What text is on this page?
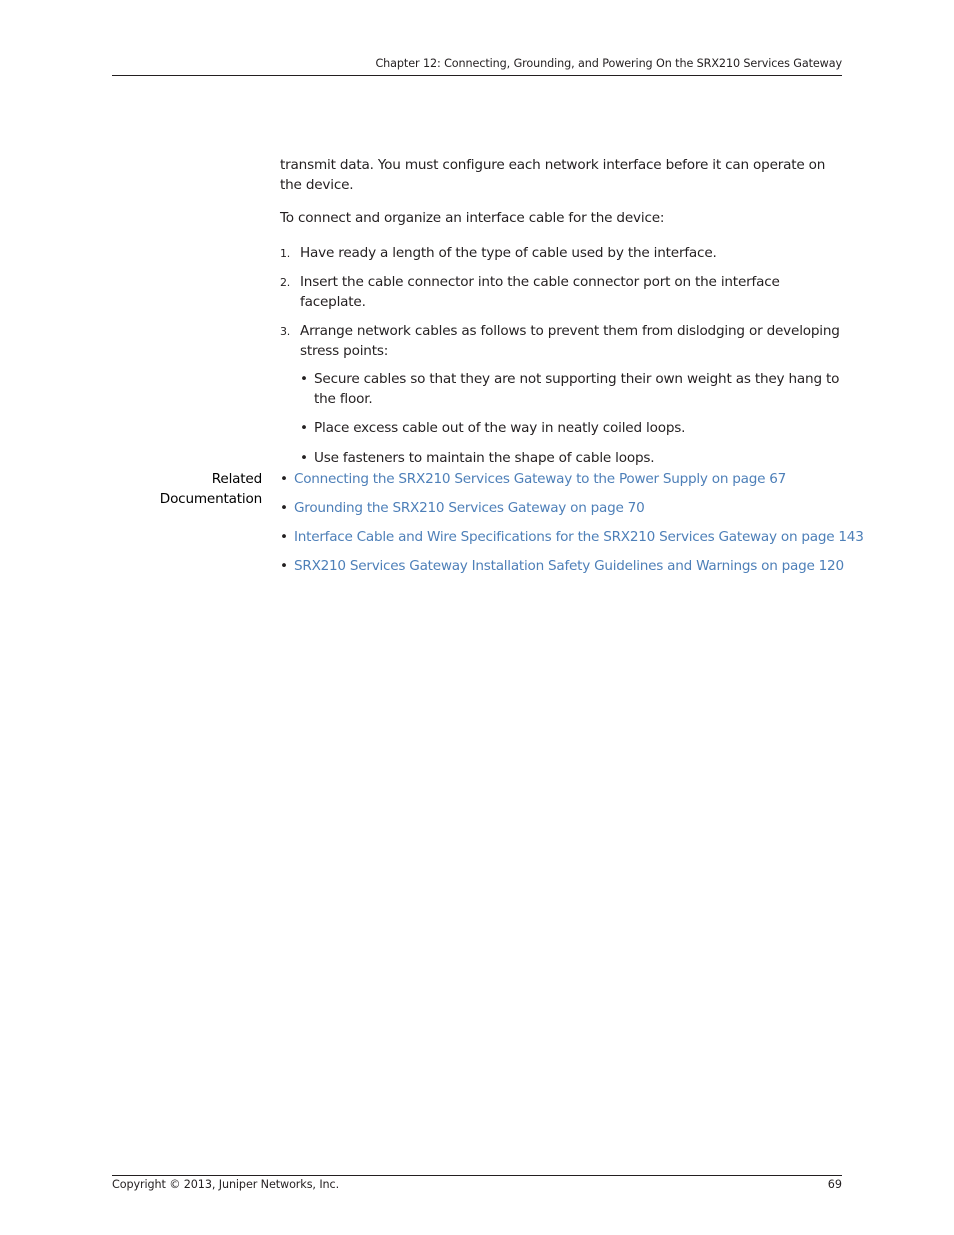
Chapter 12: Connecting, Grounding, and Powering On the SRX210 Services Gateway

transmit data. You must configure each network interface before it can operate on the device.

To connect and organize an interface cable for the device:

1. Have ready a length of the type of cable used by the interface.
2. Insert the cable connector into the cable connector port on the interface faceplate.
3. Arrange network cables as follows to prevent them from dislodging or developing stress points:
• Secure cables so that they are not supporting their own weight as they hang to the floor.
• Place excess cable out of the way in neatly coiled loops.
• Use fasteners to maintain the shape of cable loops.
Related
Documentation
• Connecting the SRX210 Services Gateway to the Power Supply on page 67
• Grounding the SRX210 Services Gateway on page 70
• Interface Cable and Wire Specifications for the SRX210 Services Gateway on page 143
• SRX210 Services Gateway Installation Safety Guidelines and Warnings on page 120
Copyright © 2013, Juniper Networks, Inc.	69
